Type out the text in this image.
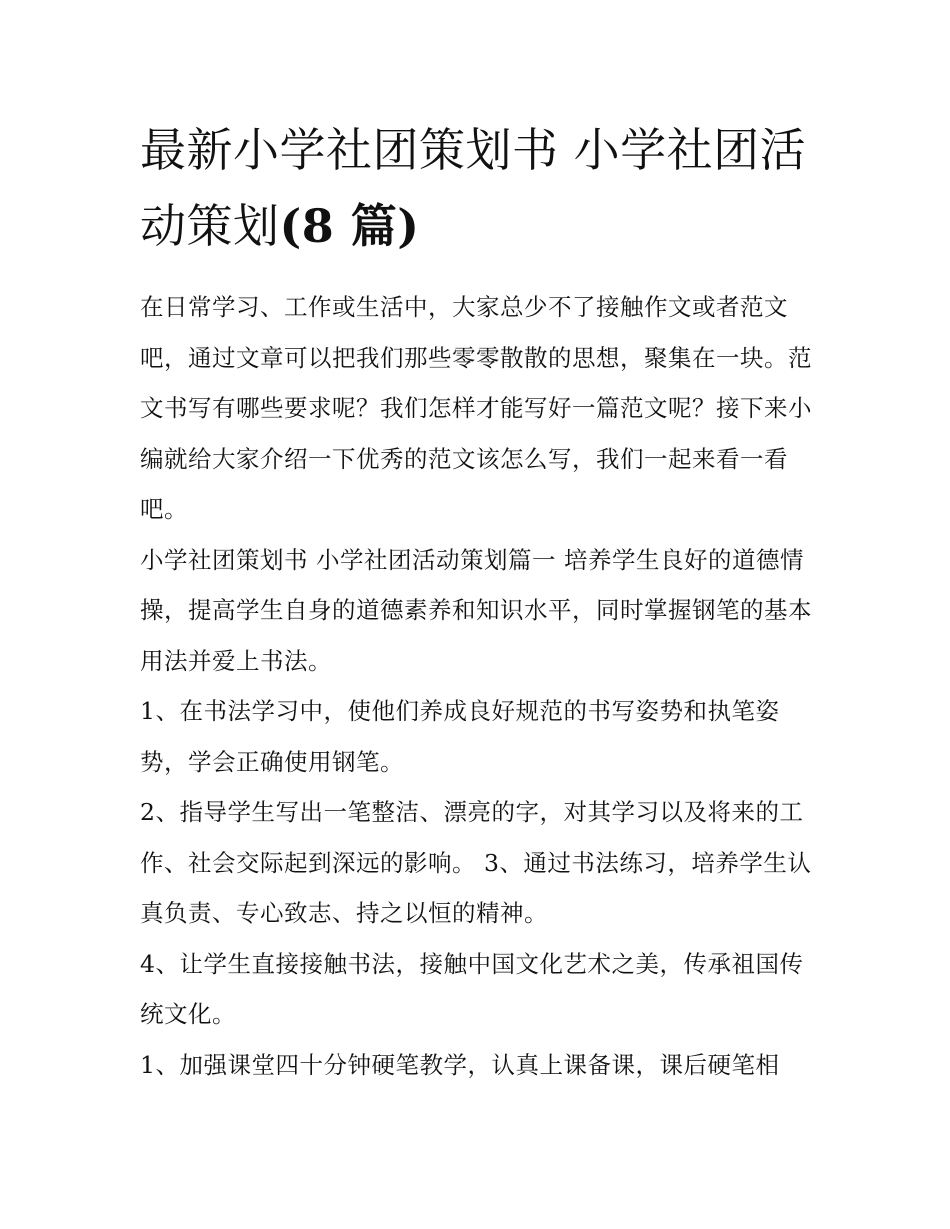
最新小学社团策划书 小学社团活动策划(8 篇)

在日常学习、工作或生活中，大家总少不了接触作文或者范文吧，通过文章可以把我们那些零零散散的思想，聚集在一块。范文书写有哪些要求呢？我们怎样才能写好一篇范文呢？接下来小编就给大家介绍一下优秀的范文该怎么写，我们一起来看一看吧。

小学社团策划书 小学社团活动策划篇一 培养学生良好的道德情操，提高学生自身的道德素养和知识水平，同时掌握钢笔的基本用法并爱上书法。

1、在书法学习中，使他们养成良好规范的书写姿势和执笔姿势，学会正确使用钢笔。

2、指导学生写出一笔整洁、漂亮的字，对其学习以及将来的工作、社会交际起到深远的影响。 3、通过书法练习，培养学生认真负责、专心致志、持之以恒的精神。

4、让学生直接接触书法，接触中国文化艺术之美，传承祖国传统文化。

1、加强课堂四十分钟硬笔教学，认真上课备课，课后硬笔相
